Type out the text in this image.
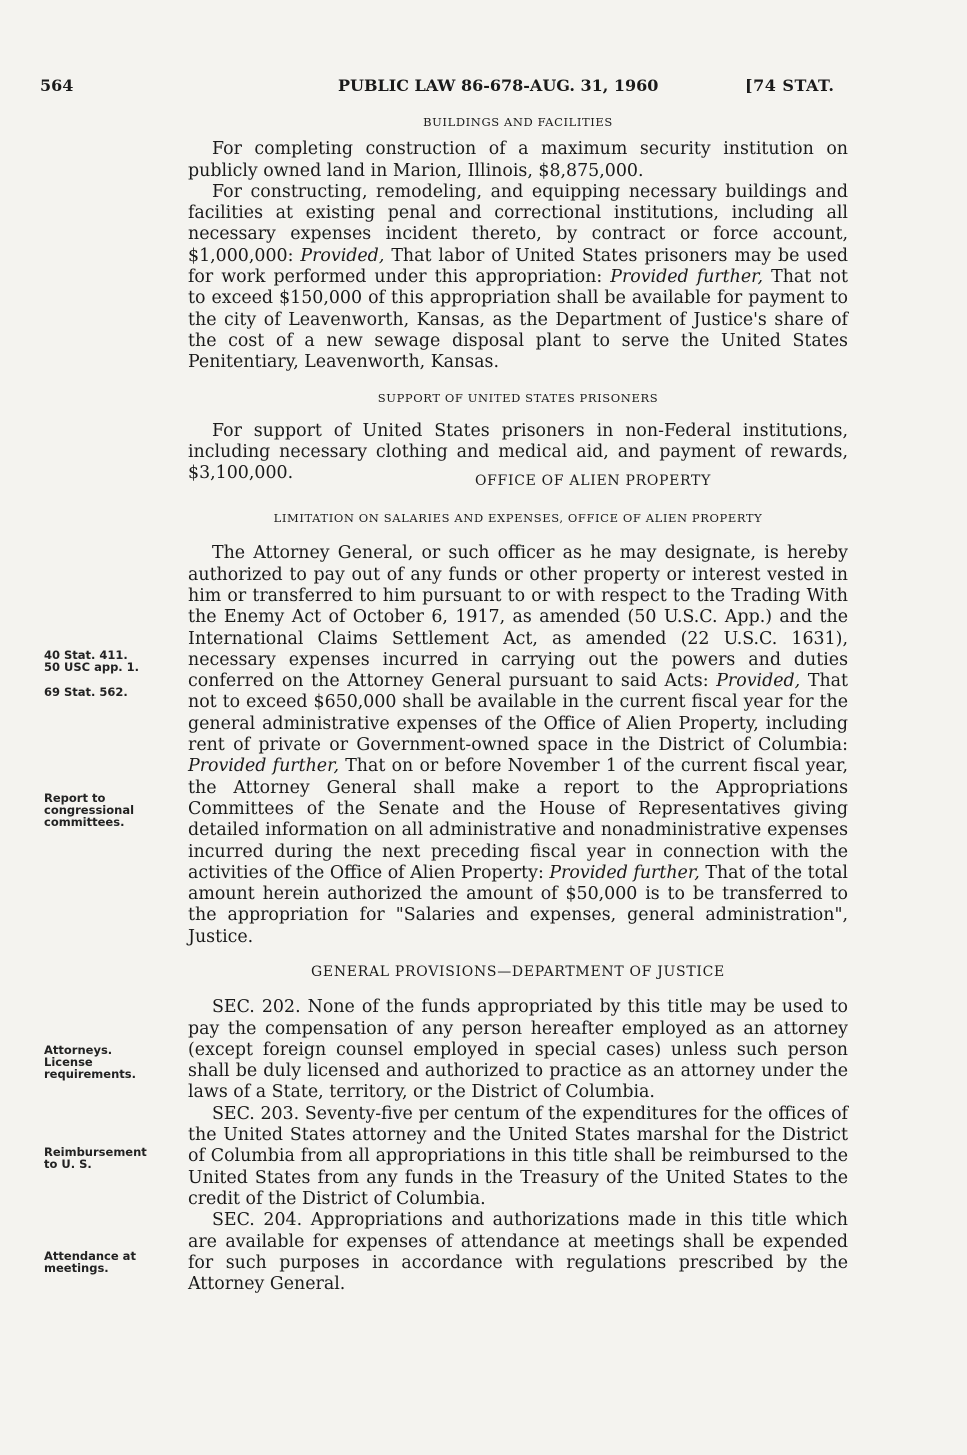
564	PUBLIC LAW 86-678-AUG. 31, 1960	[74 STAT.
40 Stat. 411.
50 USC app. 1.
69 Stat. 562.
Report to congressional committees.
Attorneys.
License requirements.
Reimbursement
to U. S.
Attendance at meetings.
BUILDINGS AND FACILITIES

For completing construction of a maximum security institution on publicly owned land in Marion, Illinois, $8,875,000.

For constructing, remodeling, and equipping necessary buildings and facilities at existing penal and correctional institutions, including all necessary expenses incident thereto, by contract or force account, $1,000,000: Provided, That labor of United States prisoners may be used for work performed under this appropriation: Provided further, That not to exceed $150,000 of this appropriation shall be available for payment to the city of Leavenworth, Kansas, as the Department of Justice's share of the cost of a new sewage disposal plant to serve the United States Penitentiary, Leavenworth, Kansas.

SUPPORT OF UNITED STATES PRISONERS

For support of United States prisoners in non-Federal institutions, including necessary clothing and medical aid, and payment of rewards, $3,100,000.	OFFICE OF ALIEN PROPERTY
LIMITATION ON SALARIES AND EXPENSES, OFFICE OF ALIEN PROPERTY

The Attorney General, or such officer as he may designate, is hereby authorized to pay out of any funds or other property or interest vested in him or transferred to him pursuant to or with respect to the Trading With the Enemy Act of October 6, 1917, as amended (50 U.S.C. App.) and the International Claims Settlement Act, as amended (22 U.S.C. 1631), necessary expenses incurred in carrying out the powers and duties conferred on the Attorney General pursuant to said Acts: Provided, That not to exceed $650,000 shall be available in the current fiscal year for the general administrative expenses of the Office of Alien Property, including rent of private or Government-owned space in the District of Columbia: Provided further, That on or before November 1 of the current fiscal year, the Attorney General shall make a report to the Appropriations Committees of the Senate and the House of Representatives giving detailed information on all administrative and nonadministrative expenses incurred during the next preceding fiscal year in connection with the activities of the Office of Alien Property: Provided further, That of the total amount herein authorized the amount of $50,000 is to be transferred to the appropriation for "Salaries and expenses, general administration", Justice.

GENERAL PROVISIONS—DEPARTMENT OF JUSTICE

SEC. 202. None of the funds appropriated by this title may be used to pay the compensation of any person hereafter employed as an attorney (except foreign counsel employed in special cases) unless such person shall be duly licensed and authorized to practice as an attorney under the laws of a State, territory, or the District of Columbia.

SEC. 203. Seventy-five per centum of the expenditures for the offices of the United States attorney and the United States marshal for the District of Columbia from all appropriations in this title shall be reimbursed to the United States from any funds in the Treasury of the United States to the credit of the District of Columbia.

SEC. 204. Appropriations and authorizations made in this title which are available for expenses of attendance at meetings shall be expended for such purposes in accordance with regulations prescribed by the Attorney General.
